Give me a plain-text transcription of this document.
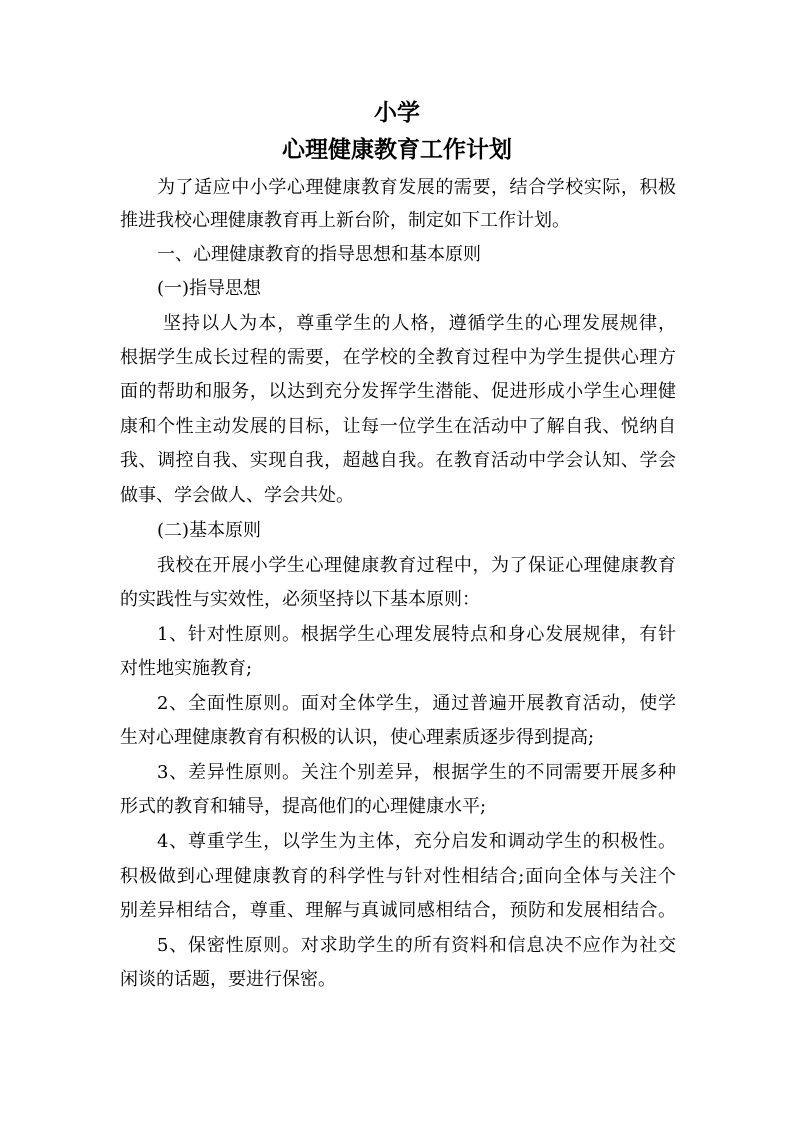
小学
心理健康教育工作计划
为了适应中小学心理健康教育发展的需要，结合学校实际，积极
推进我校心理健康教育再上新台阶，制定如下工作计划。
一、心理健康教育的指导思想和基本原则
(一)指导思想
坚持以人为本，尊重学生的人格，遵循学生的心理发展规律，
根据学生成长过程的需要，在学校的全教育过程中为学生提供心理方
面的帮助和服务，以达到充分发挥学生潜能、促进形成小学生心理健
康和个性主动发展的目标，让每一位学生在活动中了解自我、悦纳自
我、调控自我、实现自我，超越自我。在教育活动中学会认知、学会
做事、学会做人、学会共处。
(二)基本原则
我校在开展小学生心理健康教育过程中，为了保证心理健康教育
的实践性与实效性，必须坚持以下基本原则：
1、针对性原则。根据学生心理发展特点和身心发展规律，有针
对性地实施教育;
2、全面性原则。面对全体学生，通过普遍开展教育活动，使学
生对心理健康教育有积极的认识，使心理素质逐步得到提高;
3、差异性原则。关注个别差异，根据学生的不同需要开展多种
形式的教育和辅导，提高他们的心理健康水平;
4、尊重学生，以学生为主体，充分启发和调动学生的积极性。
积极做到心理健康教育的科学性与针对性相结合;面向全体与关注个
别差异相结合，尊重、理解与真诚同感相结合，预防和发展相结合。
5、保密性原则。对求助学生的所有资料和信息决不应作为社交
闲谈的话题，要进行保密。
